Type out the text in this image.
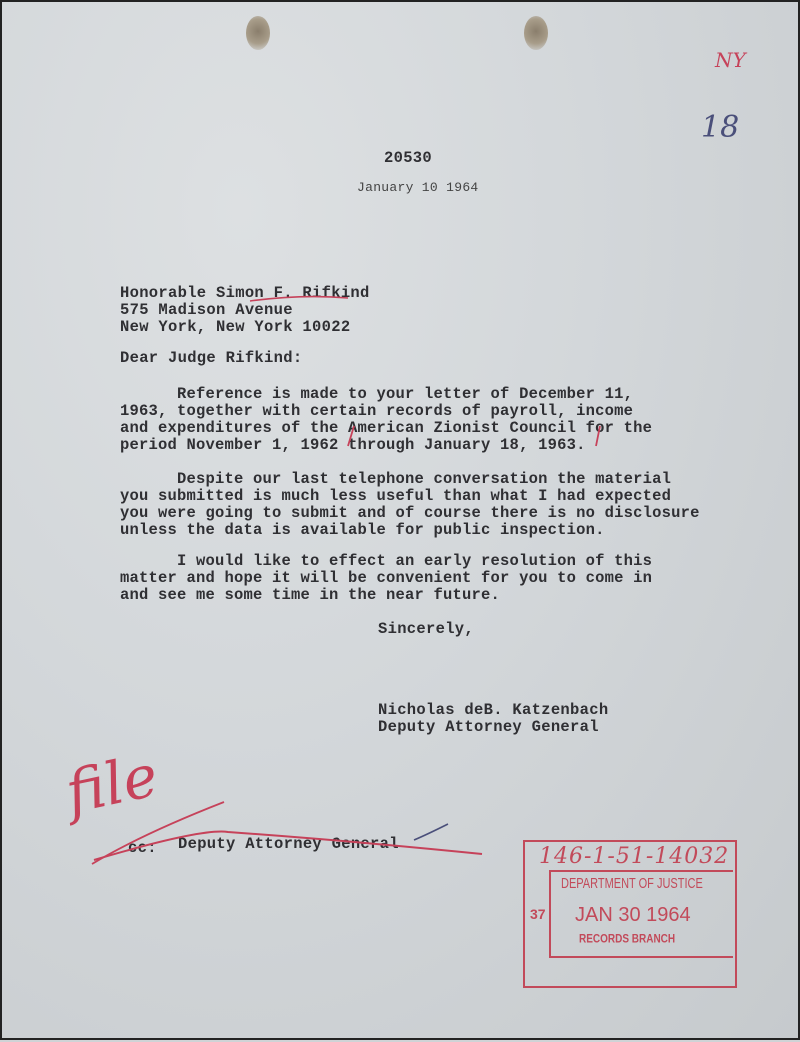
NY
18
20530
January 10 1964
Honorable Simon F. Rifkind
575 Madison Avenue
New York, New York 10022
Dear Judge Rifkind:
Reference is made to your letter of December 11,
1963, together with certain records of payroll, income
and expenditures of the American Zionist Council for the
period November 1, 1962 through January 18, 1963.
Despite our last telephone conversation the material
you submitted is much less useful than what I had expected
you were going to submit and of course there is no disclosure
unless the data is available for public inspection.
I would like to effect an early resolution of this
matter and hope it will be convenient for you to come in
and see me some time in the near future.
Sincerely,
Nicholas deB. Katzenbach
Deputy Attorney General
cc: Deputy Attorney General
file
146-1-51-14032
DEPARTMENT OF JUSTICE
JAN 30 1964
RECORDS BRANCH
37
